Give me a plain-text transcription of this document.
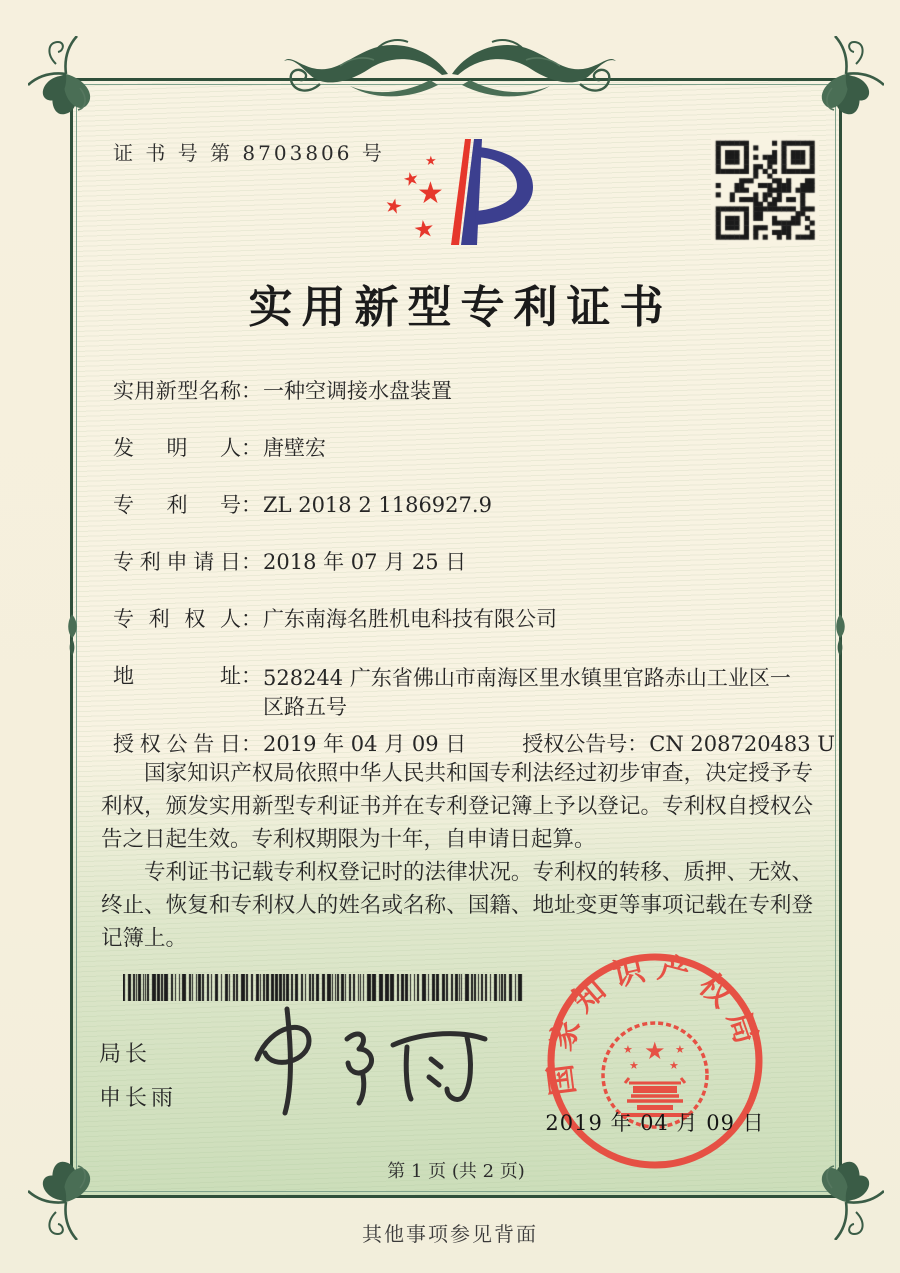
证 书 号 第 8703806 号	★
★
★
★
★
实用新型专利证书
实用新型名称 ： 一种空调接水盘装置
发明人 ： 唐壁宏
专利号 ： ZL 2018 2 1186927.9
专利申请日 ： 2018 年 07 月 25 日
专利权人 ： 广东南海名胜机电科技有限公司
地址 ： 528244 广东省佛山市南海区里水镇里官路赤山工业区一区路五号
授权公告日 ： 2019 年 04 月 09 日	授权公告号 ： CN 208720483 U

国家知识产权局依照中华人民共和国专利法经过初步审查，决定授予专利权，颁发实用新型专利证书并在专利登记簿上予以登记。专利权自授权公告之日起生效。专利权期限为十年，自申请日起算。

专利证书记载专利权登记时的法律状况。专利权的转移、质押、无效、终止、恢复和专利权人的姓名或名称、国籍、地址变更等事项记载在专利登记簿上。

局长
申长雨
国家知识产权局
★
★	★
★	★
2019 年 04 月 09 日
第 1 页 (共 2 页)
其他事项参见背面
